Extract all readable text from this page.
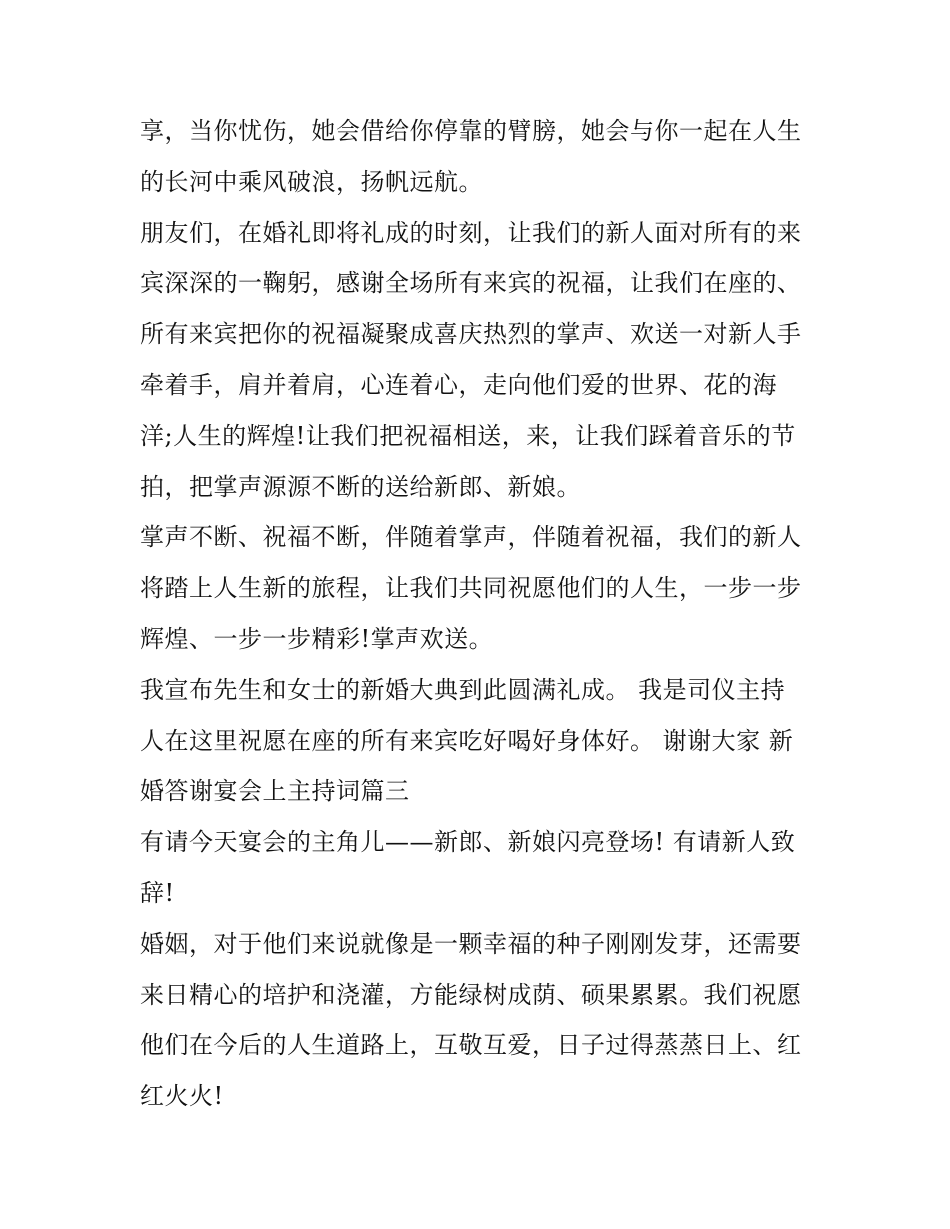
享，当你忧伤，她会借给你停靠的臂膀，她会与你一起在人生
的长河中乘风破浪，扬帆远航。
朋友们，在婚礼即将礼成的时刻，让我们的新人面对所有的来
宾深深的一鞠躬，感谢全场所有来宾的祝福，让我们在座的、
所有来宾把你的祝福凝聚成喜庆热烈的掌声、欢送一对新人手
牵着手，肩并着肩，心连着心，走向他们爱的世界、花的海
洋;人生的辉煌!让我们把祝福相送，来，让我们踩着音乐的节
拍，把掌声源源不断的送给新郎、新娘。
掌声不断、祝福不断，伴随着掌声，伴随着祝福，我们的新人
将踏上人生新的旅程，让我们共同祝愿他们的人生，一步一步
辉煌、一步一步精彩!掌声欢送。
我宣布先生和女士的新婚大典到此圆满礼成。 我是司仪主持
人在这里祝愿在座的所有来宾吃好喝好身体好。 谢谢大家 新
婚答谢宴会上主持词篇三
有请今天宴会的主角儿——新郎、新娘闪亮登场! 有请新人致
辞!
婚姻，对于他们来说就像是一颗幸福的种子刚刚发芽，还需要
来日精心的培护和浇灌，方能绿树成荫、硕果累累。我们祝愿
他们在今后的人生道路上，互敬互爱，日子过得蒸蒸日上、红
红火火!
